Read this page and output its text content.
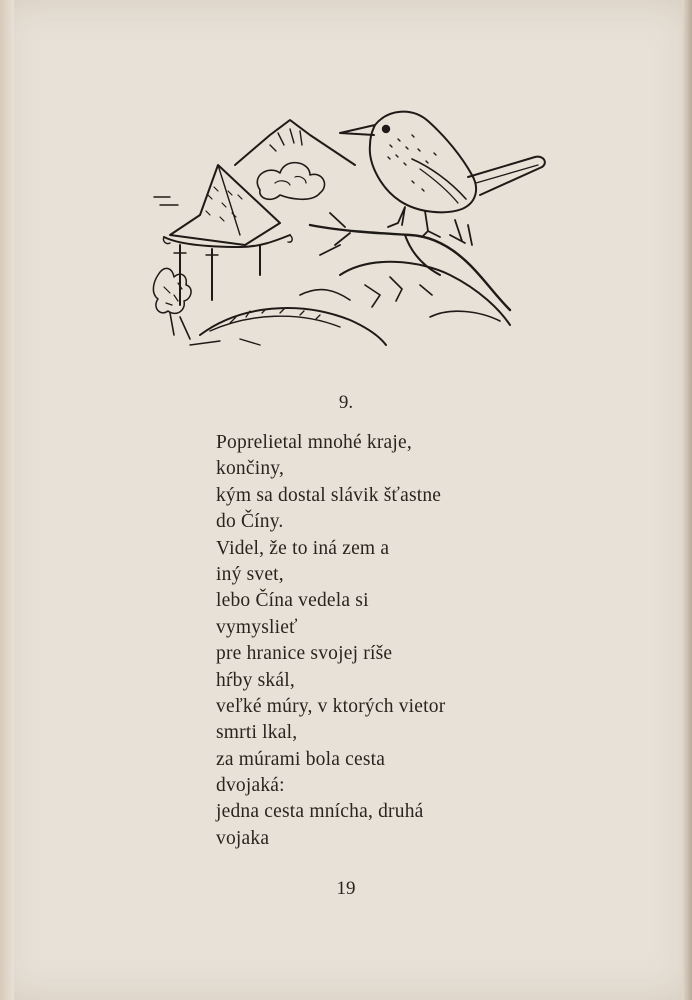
9.
Poprelietal mnohé kraje,
končiny,
kým sa dostal slávik šťastne
do Číny.
Videl, že to iná zem a
iný svet,
lebo Čína vedela si
vymyslieť
pre hranice svojej ríše
hŕby skál,
veľké múry, v ktorých vietor
smrti lkal,
za múrami bola cesta
dvojaká:
jedna cesta mnícha, druhá
vojaka
19
